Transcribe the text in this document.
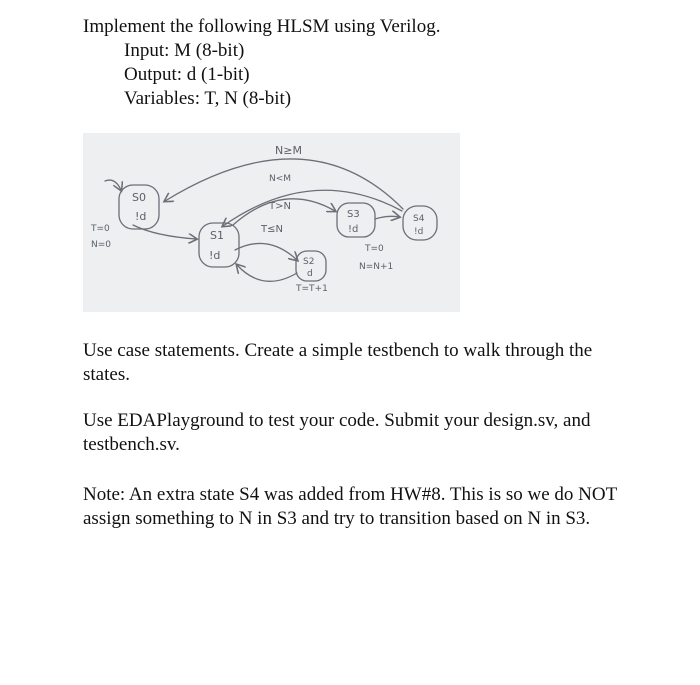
Implement the following HLSM using Verilog.
Input: M (8-bit)
Output: d (1-bit)
Variables: T, N (8-bit)
S0
!d
S1
!d	S2
d
S3
!d
S4
!d
N≥M
N<M
T>N
T≤N
T=0
N=0	T=0
N=N+1
T=T+1

Use case statements. Create a simple testbench to walk through the states.

Use EDAPlayground to test your code. Submit your design.sv, and testbench.sv.

Note: An extra state S4 was added from HW#8. This is so we do NOT assign something to N in S3 and try to transition based on N in S3.
